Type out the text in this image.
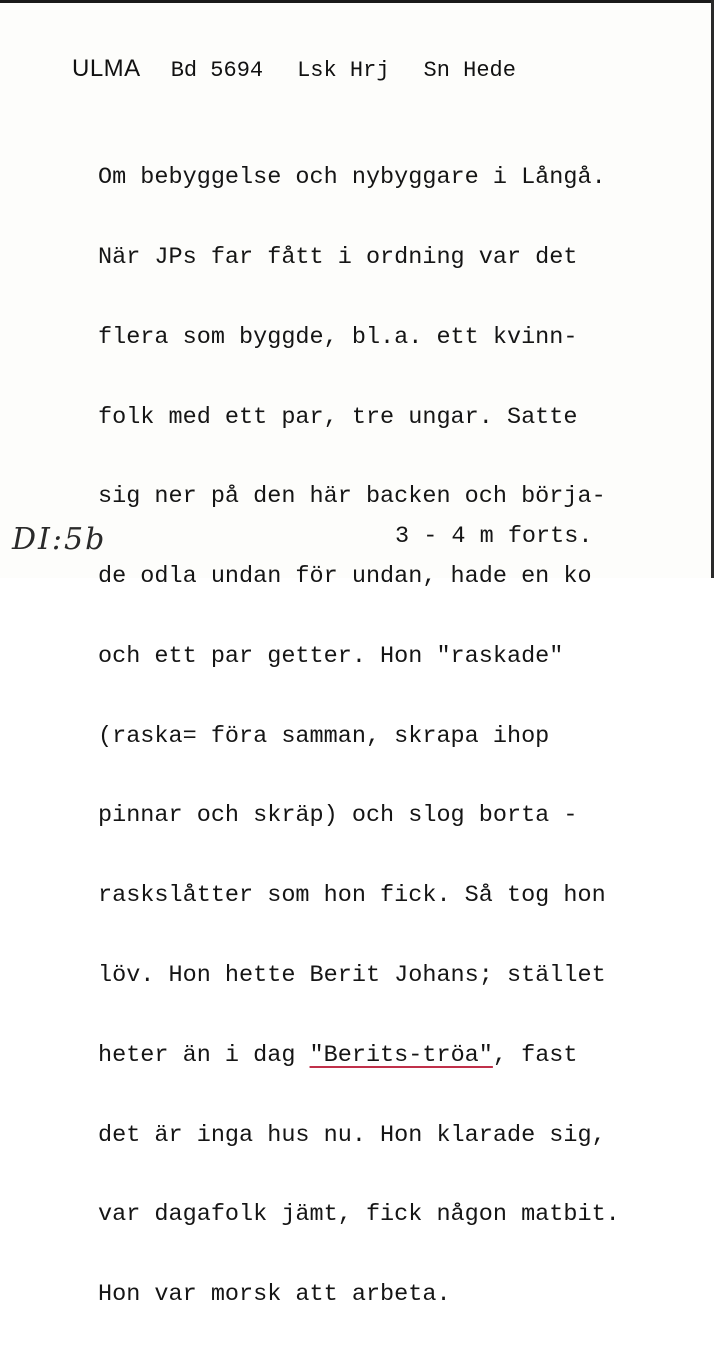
ULMA Bd 5694 Lsk Hrj Sn Hede

Om bebyggelse och nybyggare i Långå.

När JPs far fått i ordning var det

flera som byggde, bl.a. ett kvinn-

folk med ett par, tre ungar. Satte

sig ner på den här backen och börja-

de odla undan för undan, hade en ko

och ett par getter. Hon "raskade"

(raska= föra samman, skrapa ihop

pinnar och skräp) och slog borta -

raskslåtter som hon fick. Så tog hon

löv. Hon hette Berit Johans; stället

heter än i dag "Berits-tröa", fast

det är inga hus nu. Hon klarade sig,

var dagafolk jämt, fick någon matbit.

Hon var morsk att arbeta.

3 - 4 m forts.
DI:5b
